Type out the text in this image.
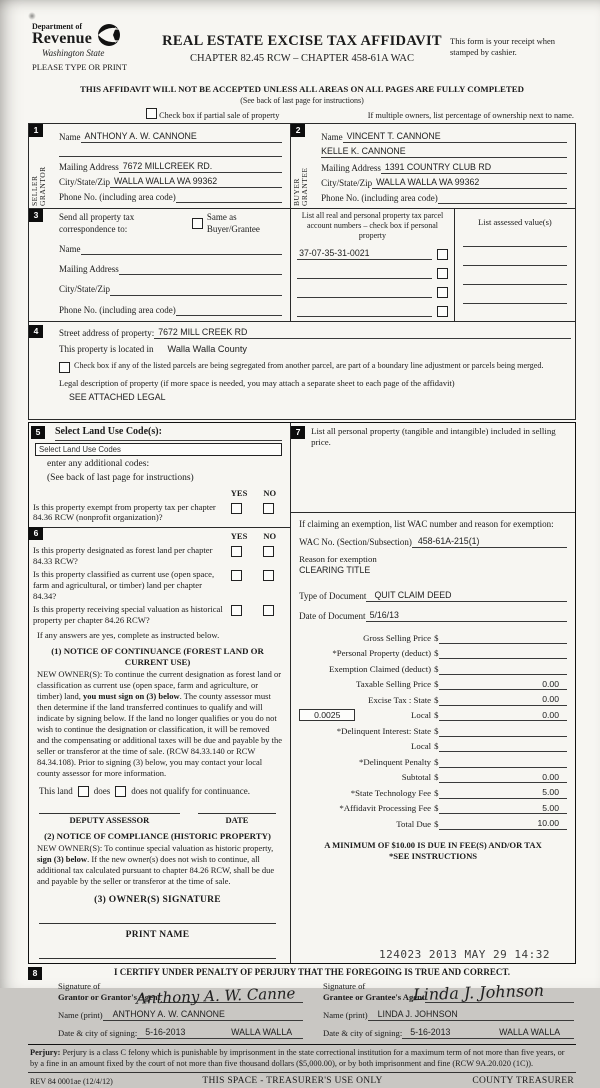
Department of
Revenue
Washington State
REAL ESTATE EXCISE TAX AFFIDAVIT
CHAPTER 82.45 RCW – CHAPTER 458-61A WAC
This form is your receipt when stamped by cashier.
PLEASE TYPE OR PRINT
THIS AFFIDAVIT WILL NOT BE ACCEPTED UNLESS ALL AREAS ON ALL PAGES ARE FULLY COMPLETED
(See back of last page for instructions)
Check box if partial sale of property	If multiple owners, list percentage of ownership next to name.
1
SELLER GRANTOR
Name ANTHONY A. W. CANNONE
Mailing Address 7672 MILLCREEK RD.
City/State/Zip WALLA WALLA WA 99362
Phone No. (including area code)
2
BUYER GRANTEE
Name VINCENT T. CANNONE
KELLE K. CANNONE
Mailing Address 1391 COUNTRY CLUB RD
City/State/Zip WALLA WALLA WA 99362
Phone No. (including area code)
3	Send all property tax correspondence to:
Same as Buyer/Grantee
Name
Mailing Address
City/State/Zip
Phone No. (including area code)
List all real and personal property tax parcel account numbers – check box if personal property
37-07-35-31-0021
List assessed value(s)
4	Street address of property: 7672 MILL CREEK RD
This property is located in Walla Walla County
Check box if any of the listed parcels are being segregated from another parcel, are part of a boundary line adjustment or parcels being merged.
Legal description of property (if more space is needed, you may attach a separate sheet to each page of the affidavit)
SEE ATTACHED LEGAL
5	Select Land Use Code(s):
Select Land Use Codes
enter any additional codes:
(See back of last page for instructions)
YES NO
Is this property exempt from property tax per chapter 84.36 RCW (nonprofit organization)?
6	YES NO
Is this property designated as forest land per chapter 84.33 RCW?
Is this property classified as current use (open space, farm and agricultural, or timber) land per chapter 84.34?
Is this property receiving special valuation as historical property per chapter 84.26 RCW?
If any answers are yes, complete as instructed below.
(1) NOTICE OF CONTINUANCE (FOREST LAND OR CURRENT USE)
NEW OWNER(S): To continue the current designation as forest land or classification as current use (open space, farm and agriculture, or timber) land, you must sign on (3) below. The county assessor must then determine if the land transferred continues to qualify and will indicate by signing below. If the land no longer qualifies or you do not wish to continue the designation or classification, it will be removed and the compensating or additional taxes will be due and payable by the seller or transferor at the time of sale. (RCW 84.33.140 or RCW 84.34.108). Prior to signing (3) below, you may contact your local county assessor for more information.
This land does does not qualify for continuance.
DEPUTY ASSESSOR	DATE
(2) NOTICE OF COMPLIANCE (HISTORIC PROPERTY)
NEW OWNER(S): To continue special valuation as historic property, sign (3) below. If the new owner(s) does not wish to continue, all additional tax calculated pursuant to chapter 84.26 RCW, shall be due and payable by the seller or transferor at the time of sale.
(3) OWNER(S) SIGNATURE
PRINT NAME
7	List all personal property (tangible and intangible) included in selling price.
If claiming an exemption, list WAC number and reason for exemption:
WAC No. (Section/Subsection) 458-61A-215(1)
Reason for exemption
CLEARING TITLE
Type of Document QUIT CLAIM DEED
Date of Document 5/16/13
Gross Selling Price $
*Personal Property (deduct) $
Exemption Claimed (deduct) $
Taxable Selling Price $	0.00
Excise Tax : State $	0.00
0.0025	Local $	0.00
*Delinquent Interest: State $
Local $
*Delinquent Penalty $
Subtotal $	0.00
*State Technology Fee $	5.00
*Affidavit Processing Fee $	5.00
Total Due $	10.00
A MINIMUM OF $10.00 IS DUE IN FEE(S) AND/OR TAX
*SEE INSTRUCTIONS
8	I CERTIFY UNDER PENALTY OF PERJURY THAT THE FOREGOING IS TRUE AND CORRECT.
Anthony A. W. Canne
Signature of
Grantor or Grantor's Agent
Name (print)	ANTHONY A. W. CANNONE
Date & city of signing: 5-16-2013	WALLA WALLA
Linda J. Johnson
Signature of
Grantee or Grantee's Agent
Name (print)	LINDA J. JOHNSON
Date & city of signing: 5-16-2013	WALLA WALLA
Perjury: Perjury is a class C felony which is punishable by imprisonment in the state correctional institution for a maximum term of not more than five years, or by a fine in an amount fixed by the court of not more than five thousand dollars ($5,000.00), or by both imprisonment and fine (RCW 9A.20.020 (1C)).
REV 84 0001ae (12/4/12)	THIS SPACE - TREASURER'S USE ONLY	COUNTY TREASURER
124023 2013 MAY 29 14:32
